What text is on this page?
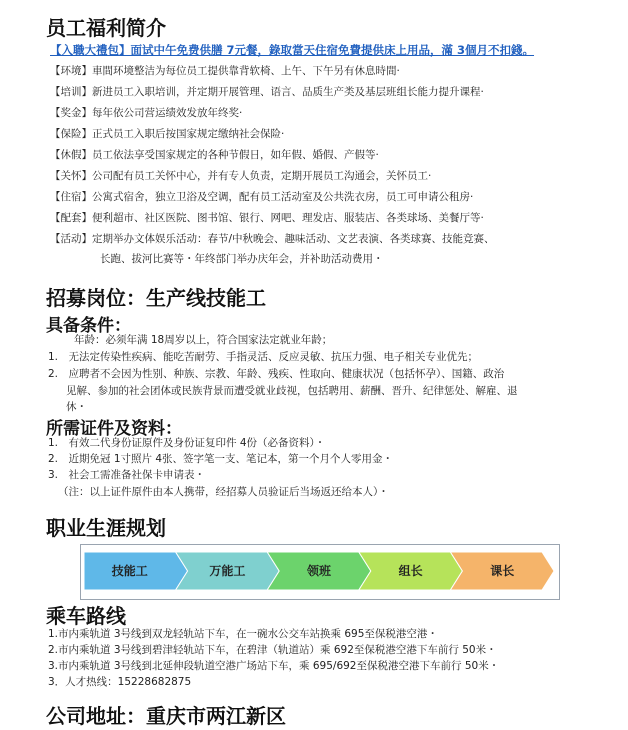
员工福利简介
【入職大禮包】面试中午免费供膳 7元餐，錄取當天住宿免費提供床上用品，滿 3個月不扣錢。
【环境】車間环境整洁为每位员工提供靠背软椅、上午、下午另有休息時間·
【培训】新进员工入职培训，并定期开展管理、语言、品质生产类及基层班组长能力提升课程·
【奖金】每年依公司营运绩效发放年终奖·
【保险】正式员工入职后按国家规定缴纳社会保险·
【休假】员工依法享受国家规定的各种节假日，如年假、婚假、产假等·
【关怀】公司配有员工关怀中心，并有专人负责，定期开展员工沟通会，关怀员工·
【住宿】公寓式宿舍，独立卫浴及空调，配有员工活动室及公共洗衣房，员工可申请公租房·
【配套】便利超市、社区医院、图书馆、银行、网吧、理发店、服装店、各类球场、美餐厅等·
【活动】定期举办文体娱乐活动：春节/中秋晚会、趣味活动、文艺表演、各类球赛、技能竞赛、
长跑、拔河比赛等・年终部门举办庆年会，并补助活动费用・
招募岗位：生产线技能工
具备条件：
年龄：必须年满 18周岁以上，符合国家法定就业年龄；
1.　无法定传染性疾病、能吃苦耐劳、手指灵活、反应灵敏、抗压力强、电子相关专业优先；
2.　应聘者不会因为性别、种族、宗教、年龄、残疾、性取向、健康状况（包括怀孕）、国籍、政治
见解、参加的社会团体或民族背景而遭受就业歧视，包括聘用、薪酬、晋升、纪律惩处、解雇、退
休・
所需证件及资料：
1.　有效二代身份证原件及身份证复印件 4份（必备资料）・
2.　近期免冠 1寸照片 4张、签字笔一支、笔记本，第一个月个人零用金・
3.　社会工需准备社保卡申请表・
（注：以上证件原件由本人携带，经招募人员验证后当场返还给本人）・
职业生涯规划
技能工	万能工	领班	组长	课长
乘车路线
1.市内乘轨道 3号线到双龙轻轨站下车，在一碗水公交车站换乘 695至保税港空港・
2.市内乘轨道 3号线到碧津轻轨站下车，在碧津（轨道站）乘 692至保税港空港下车前行 50米・
3.市内乘轨道 3号线到北延伸段轨道空港广场站下车，乘 695/692至保税港空港下车前行 50米・
3．人才热线：15228682875
公司地址：重庆市两江新区
